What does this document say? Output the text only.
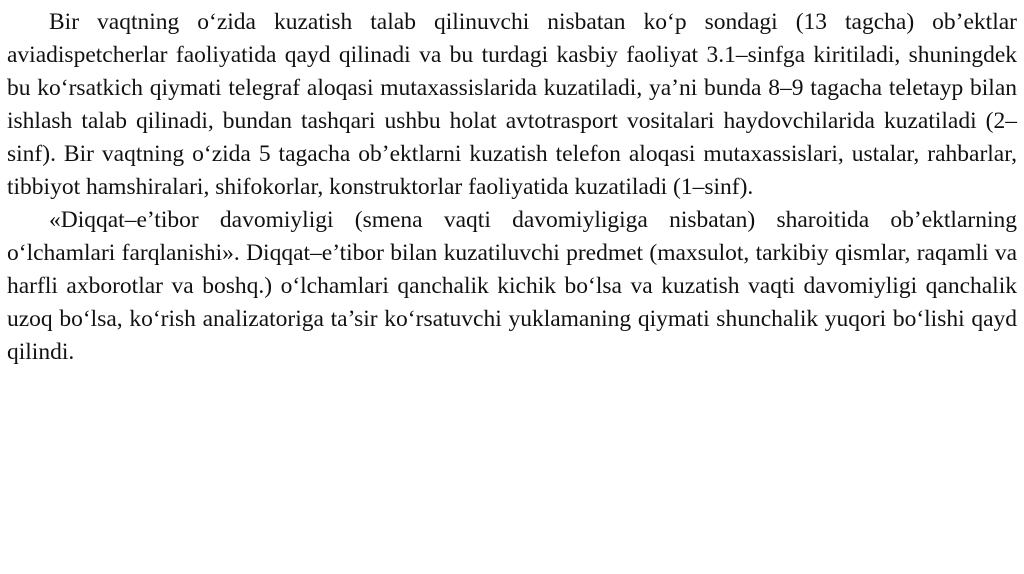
Bir vaqtning o‘zida kuzatish talab qilinuvchi nisbatan ko‘p sondagi (13 tagcha) ob’ektlar aviadispetcherlar faoliyatida qayd qilinadi va bu turdagi kasbiy faoliyat 3.1–sinfga kiritiladi, shuningdek bu ko‘rsatkich qiymati telegraf aloqasi mutaxassislarida kuzatiladi, ya’ni bunda 8–9 tagacha teletayp bilan ishlash talab qilinadi, bundan tashqari ushbu holat avtotrasport vositalari haydovchilarida kuzatiladi (2–sinf). Bir vaqtning o‘zida 5 tagacha ob’ektlarni kuzatish telefon aloqasi mutaxassislari, ustalar, rahbarlar, tibbiyot hamshiralari, shifokorlar, konstruktorlar faoliyatida kuzatiladi (1–sinf).

«Diqqat–e’tibor davomiyligi (smena vaqti davomiyligiga nisbatan) sharoitida ob’ektlarning o‘lchamlari farqlanishi». Diqqat–e’tibor bilan kuzatiluvchi predmet (maxsulot, tarkibiy qismlar, raqamli va harfli axborotlar va boshq.) o‘lchamlari qanchalik kichik bo‘lsa va kuzatish vaqti davomiyligi qanchalik uzoq bo‘lsa, ko‘rish analizatoriga ta’sir ko‘rsatuvchi yuklamaning qiymati shunchalik yuqori bo‘lishi qayd qilindi.
